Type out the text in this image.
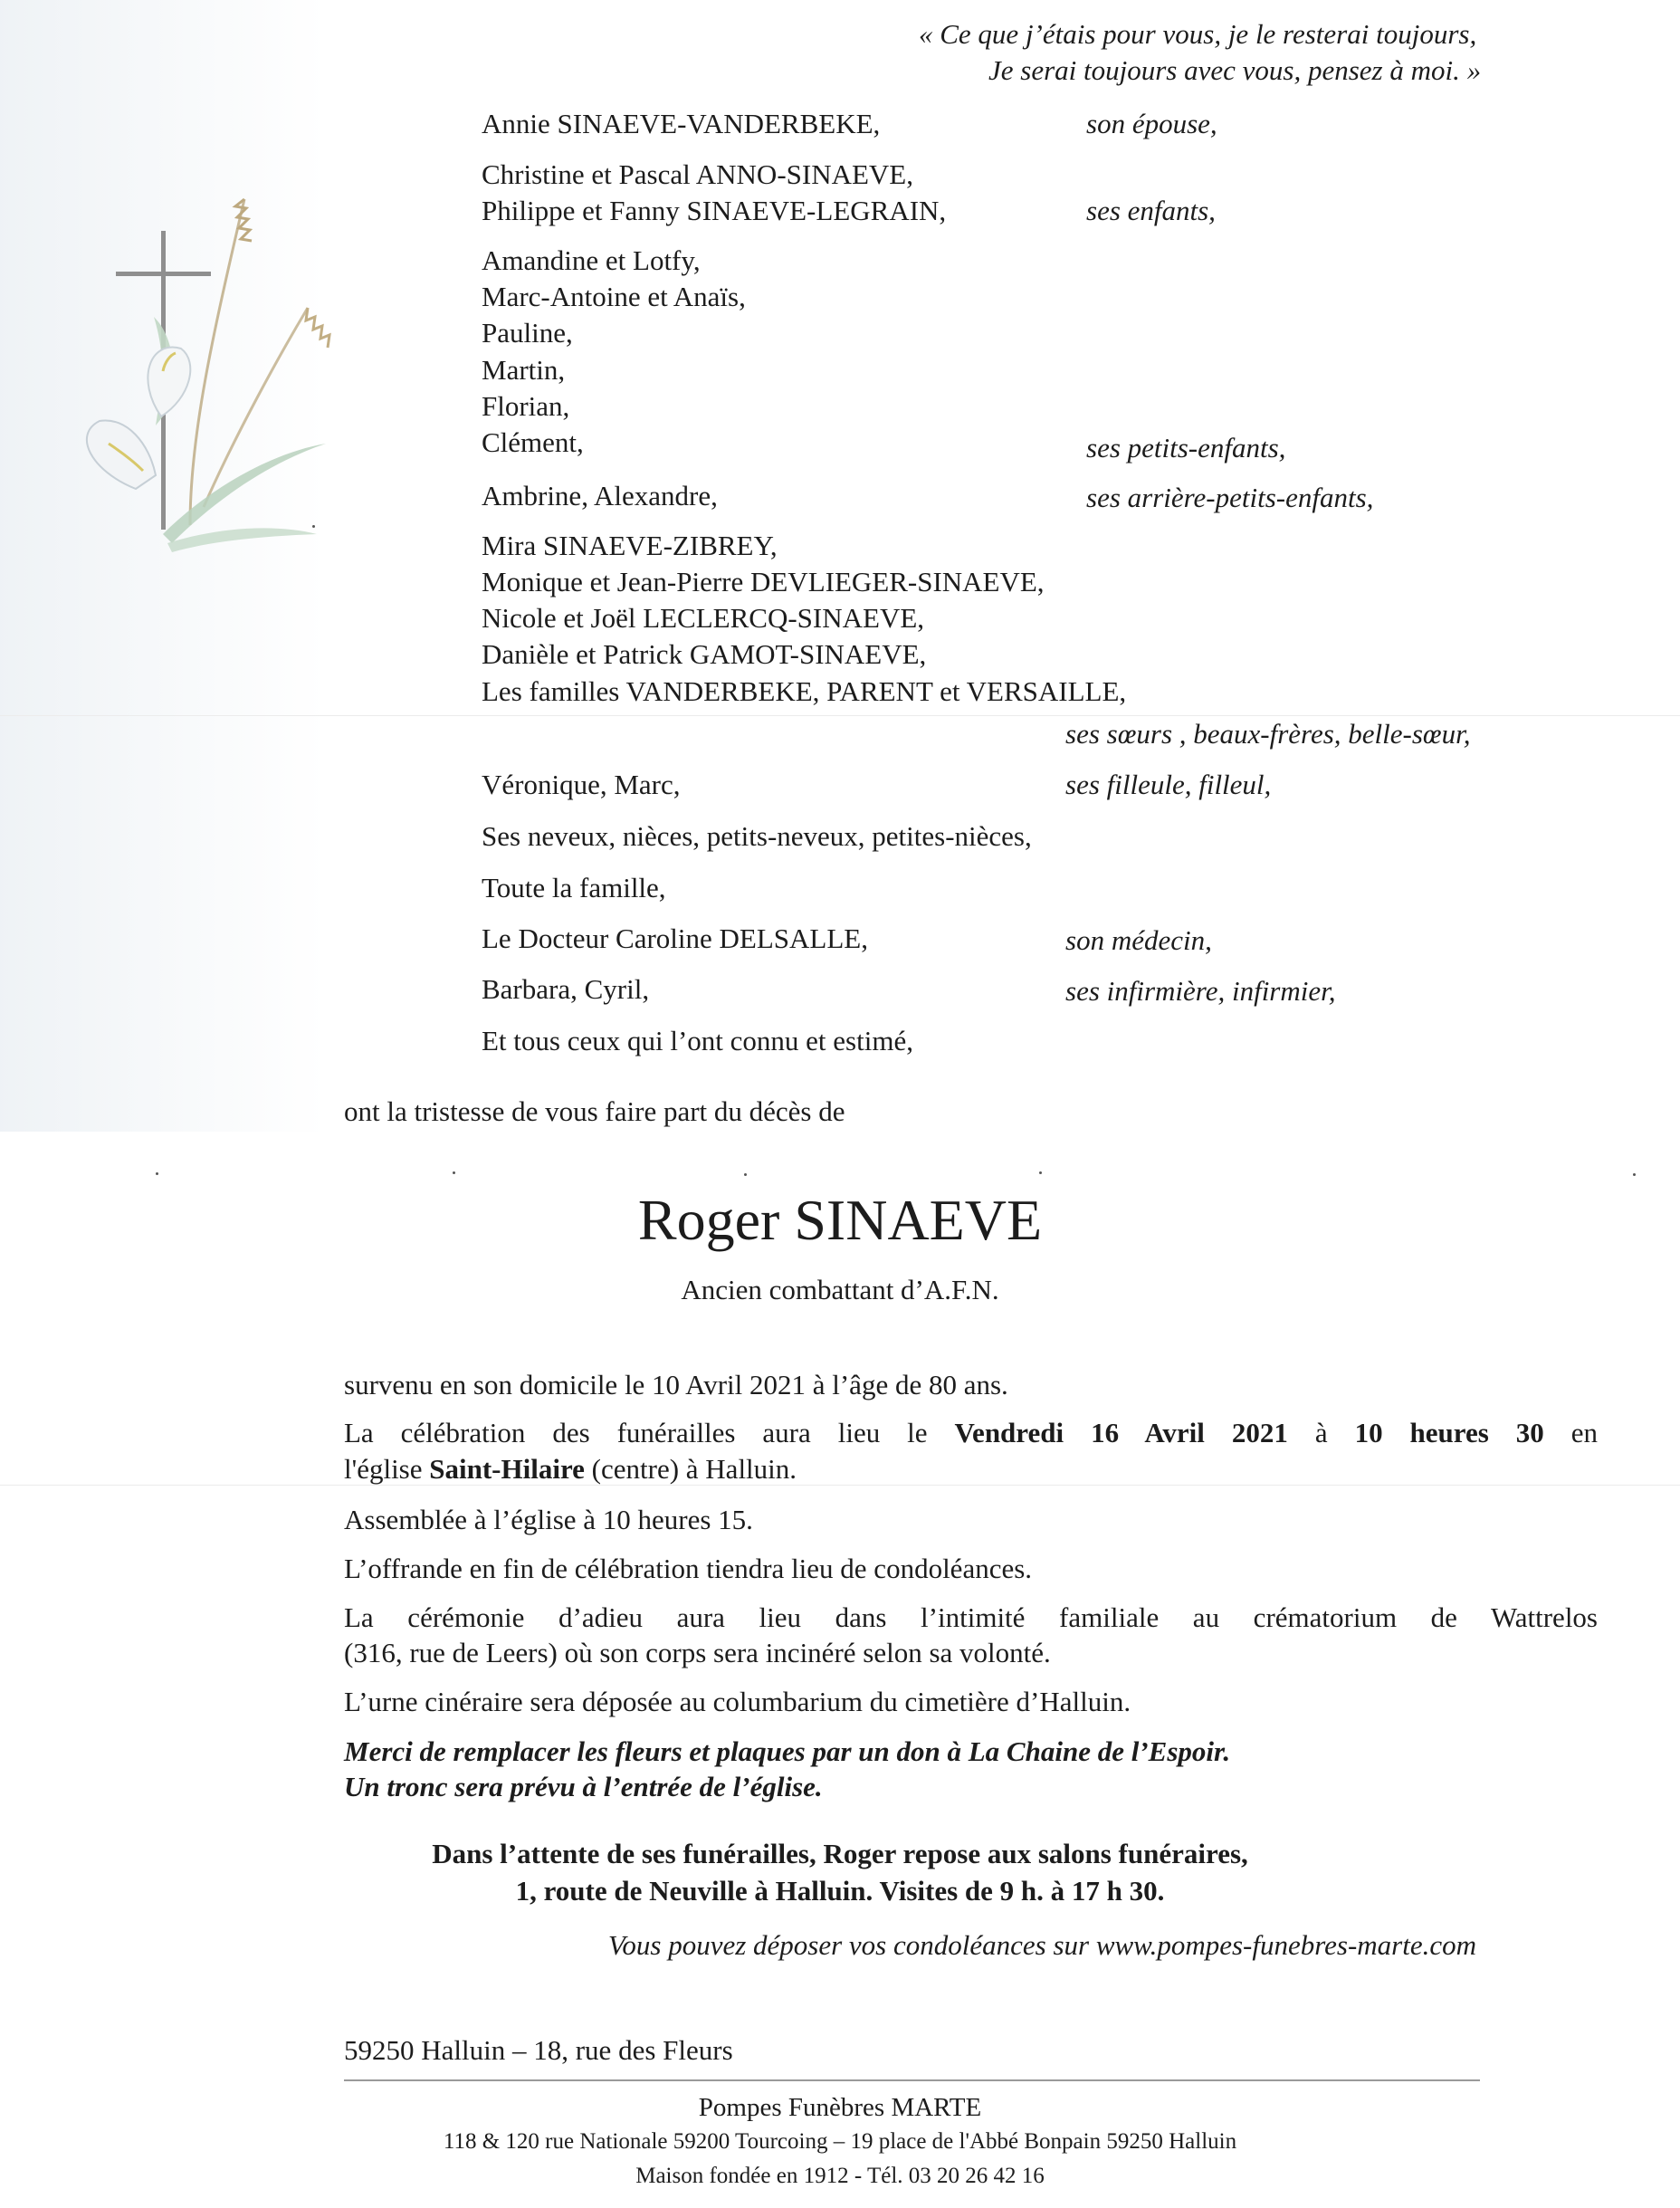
« Ce que j’étais pour vous, je le resterai toujours,
Je serai toujours avec vous, pensez à moi. »
Annie SINAEVE-VANDERBEKE,	son épouse,
Christine et Pascal ANNO-SINAEVE,
Philippe et Fanny SINAEVE-LEGRAIN,	ses enfants,
Amandine et Lotfy,
Marc-Antoine et Anaïs,
Pauline,
Martin,
Florian,
Clément,	ses petits-enfants,
Ambrine, Alexandre,	ses arrière-petits-enfants,
Mira SINAEVE-ZIBREY,
Monique et Jean-Pierre DEVLIEGER-SINAEVE,
Nicole et Joël LECLERCQ-SINAEVE,
Danièle et Patrick GAMOT-SINAEVE,
Les familles VANDERBEKE, PARENT et VERSAILLE,
ses sœurs , beaux-frères, belle-sœur,
Véronique, Marc,	ses filleule, filleul,
Ses neveux, nièces, petits-neveux, petites-nièces,
Toute la famille,
Le Docteur Caroline DELSALLE,	son médecin,
Barbara, Cyril,	ses infirmière, infirmier,
Et tous ceux qui l’ont connu et estimé,
ont la tristesse de vous faire part du décès de
Roger SINAEVE
Ancien combattant d’A.F.N.
survenu en son domicile le 10 Avril 2021 à l’âge de 80 ans.
La célébration des funérailles aura lieu le Vendredi 16 Avril 2021 à 10 heures 30 en
l'église Saint-Hilaire (centre) à Halluin.
Assemblée à l’église à 10 heures 15.
L’offrande en fin de célébration tiendra lieu de condoléances.
La cérémonie d’adieu aura lieu dans l’intimité familiale au crématorium de Wattrelos
(316, rue de Leers) où son corps sera incinéré selon sa volonté.
L’urne cinéraire sera déposée au columbarium du cimetière d’Halluin.
Merci de remplacer les fleurs et plaques par un don à La Chaine de l’Espoir.
Un tronc sera prévu à l’entrée de l’église.
Dans l’attente de ses funérailles, Roger repose aux salons funéraires,
1, route de Neuville à Halluin. Visites de 9 h. à 17 h 30.
Vous pouvez déposer vos condoléances sur www.pompes-funebres-marte.com
59250 Halluin – 18, rue des Fleurs
Pompes Funèbres MARTE
118 & 120 rue Nationale 59200 Tourcoing – 19 place de l'Abbé Bonpain 59250 Halluin
Maison fondée en 1912 - Tél. 03 20 26 42 16
